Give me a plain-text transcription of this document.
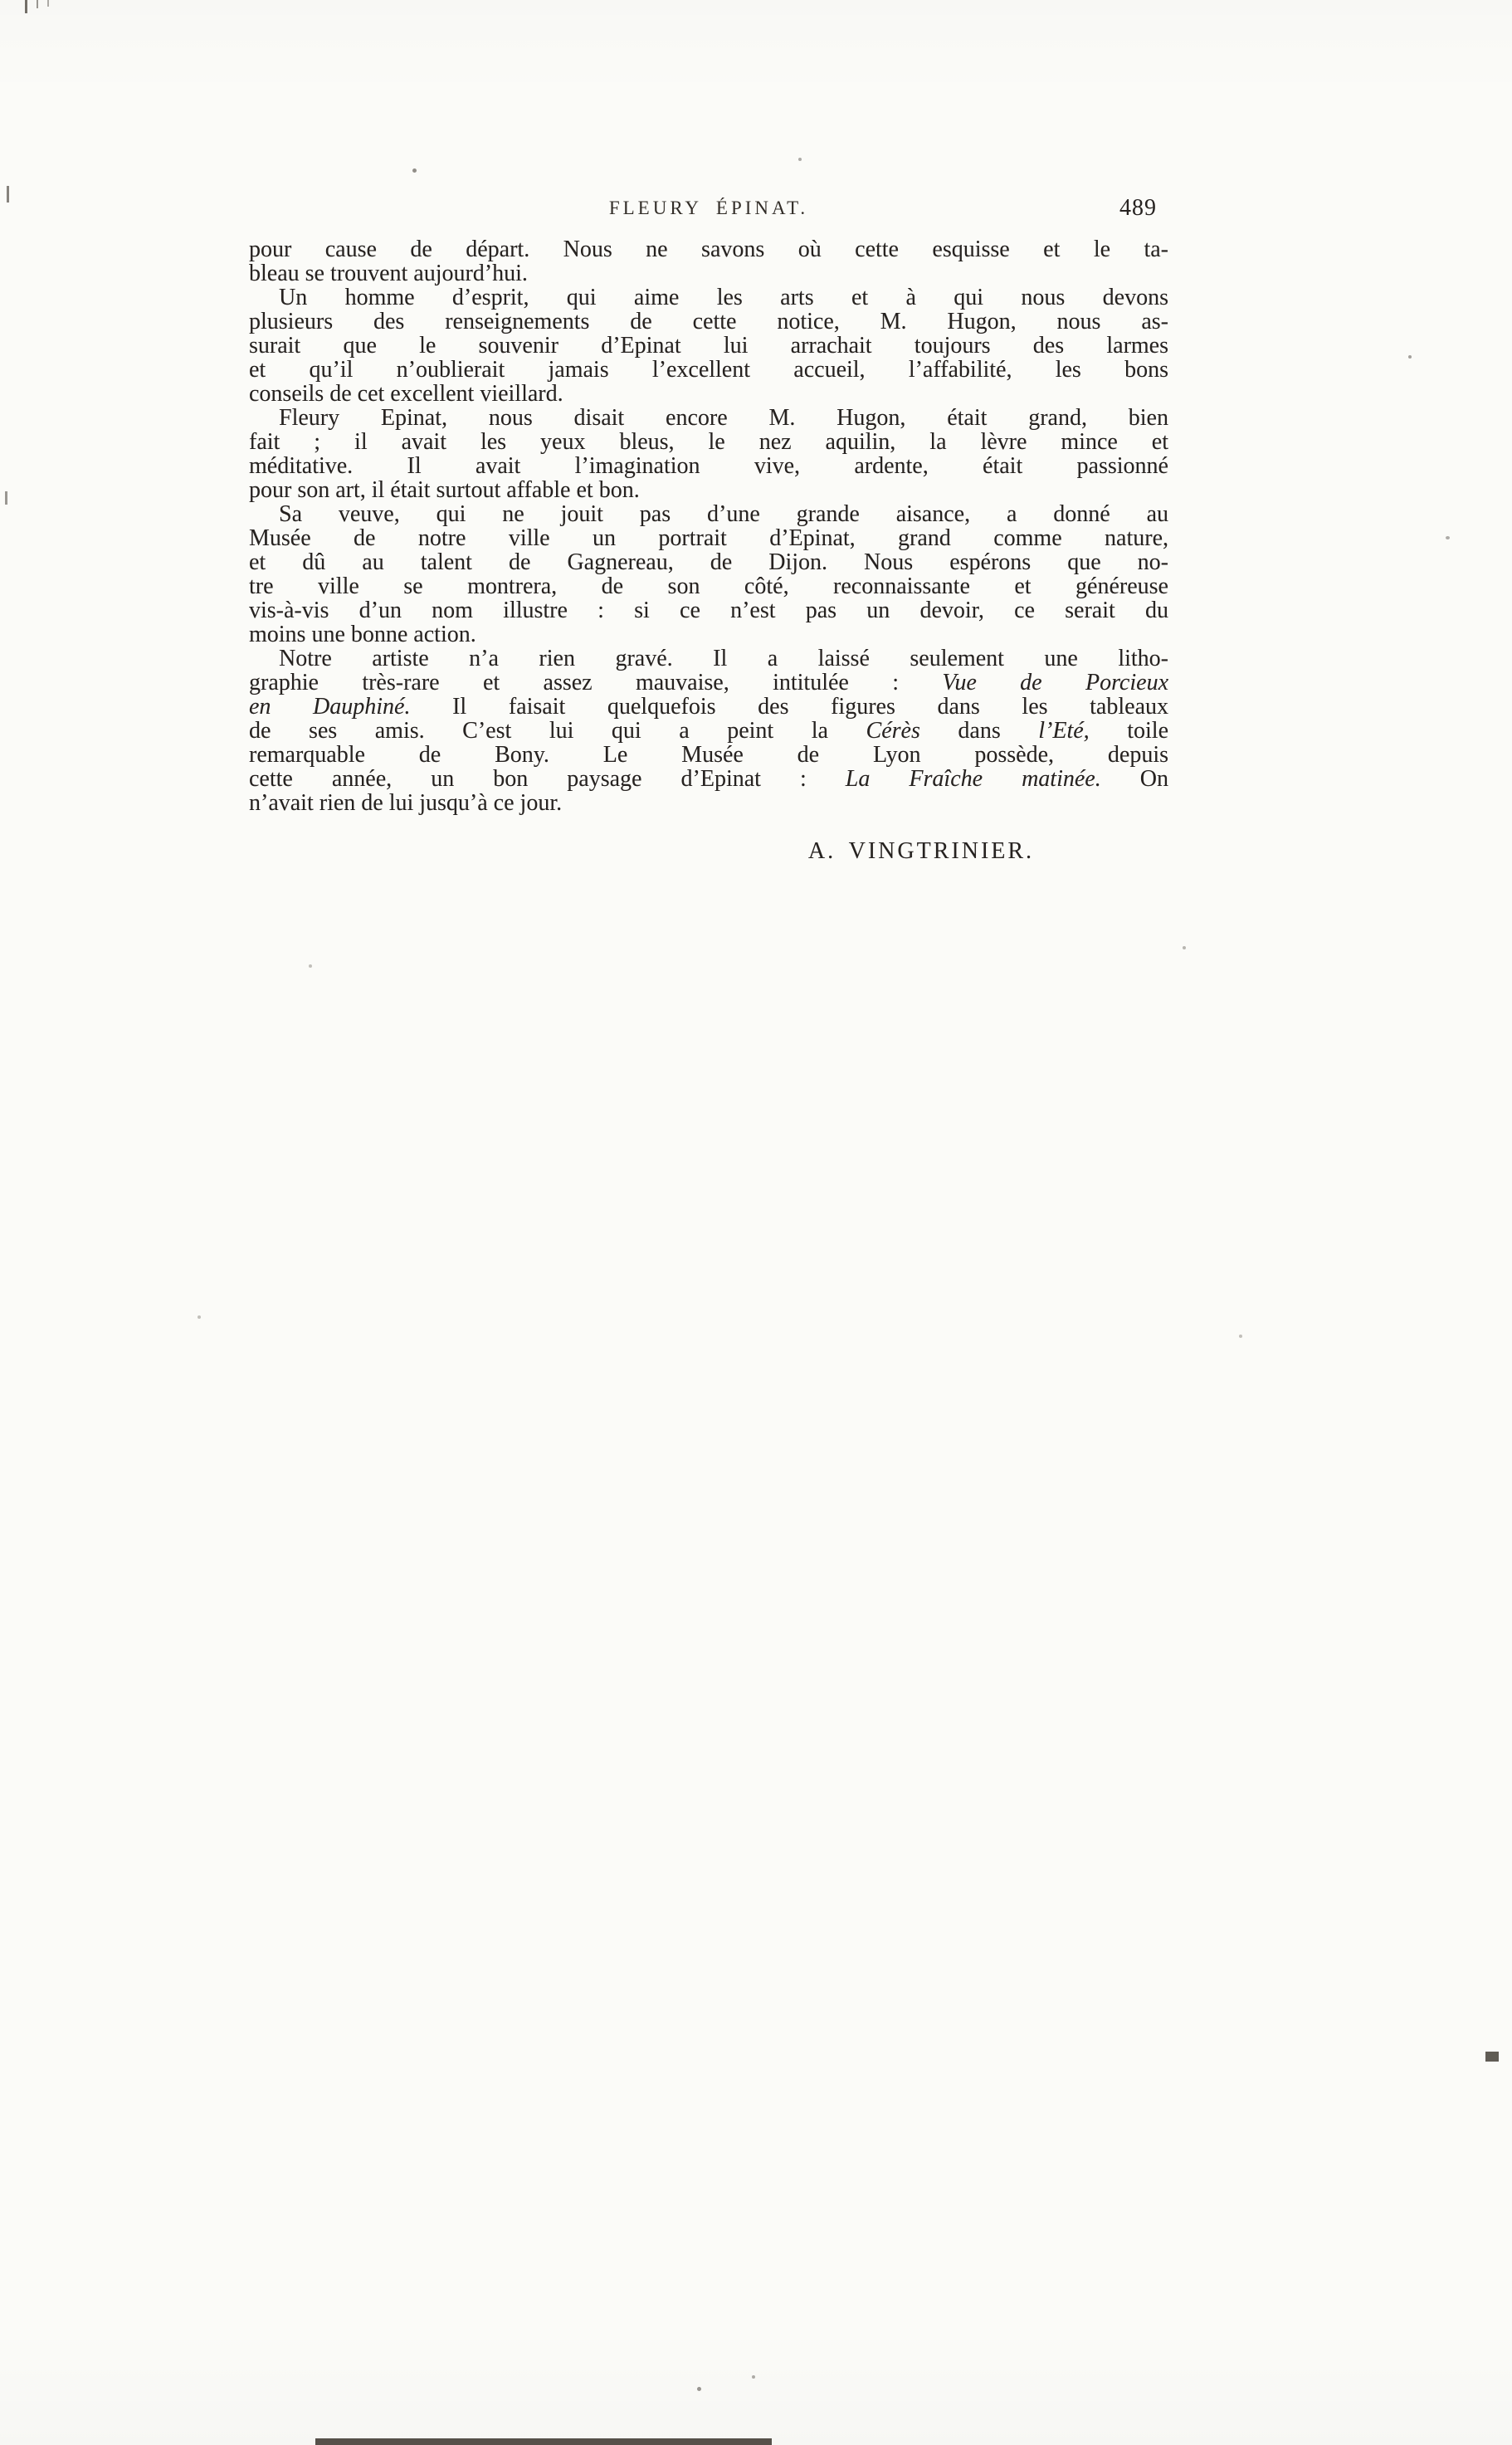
FLEURY ÉPINAT.	489
pour cause de départ. Nous ne savons où cette esquisse et le ta-
bleau se trouvent aujourd’hui.
Un homme d’esprit, qui aime les arts et à qui nous devons
plusieurs des renseignements de cette notice, M. Hugon, nous as-
surait que le souvenir d’Epinat lui arrachait toujours des larmes
et qu’il n’oublierait jamais l’excellent accueil, l’affabilité, les bons
conseils de cet excellent vieillard.
Fleury Epinat, nous disait encore M. Hugon, était grand, bien
fait ; il avait les yeux bleus, le nez aquilin, la lèvre mince et
méditative. Il avait l’imagination vive, ardente, était passionné
pour son art, il était surtout affable et bon.
Sa veuve, qui ne jouit pas d’une grande aisance, a donné au
Musée de notre ville un portrait d’Epinat, grand comme nature,
et dû au talent de Gagnereau, de Dijon. Nous espérons que no-
tre ville se montrera, de son côté, reconnaissante et généreuse
vis-à-vis d’un nom illustre : si ce n’est pas un devoir, ce serait du
moins une bonne action.
Notre artiste n’a rien gravé. Il a laissé seulement une litho-
graphie très-rare et assez mauvaise, intitulée : Vue de Porcieux
en Dauphiné. Il faisait quelquefois des figures dans les tableaux
de ses amis. C’est lui qui a peint la Cérès dans l’Eté, toile
remarquable de Bony. Le Musée de Lyon possède, depuis
cette année, un bon paysage d’Epinat : La Fraîche matinée. On
n’avait rien de lui jusqu’à ce jour.
A. VINGTRINIER.
